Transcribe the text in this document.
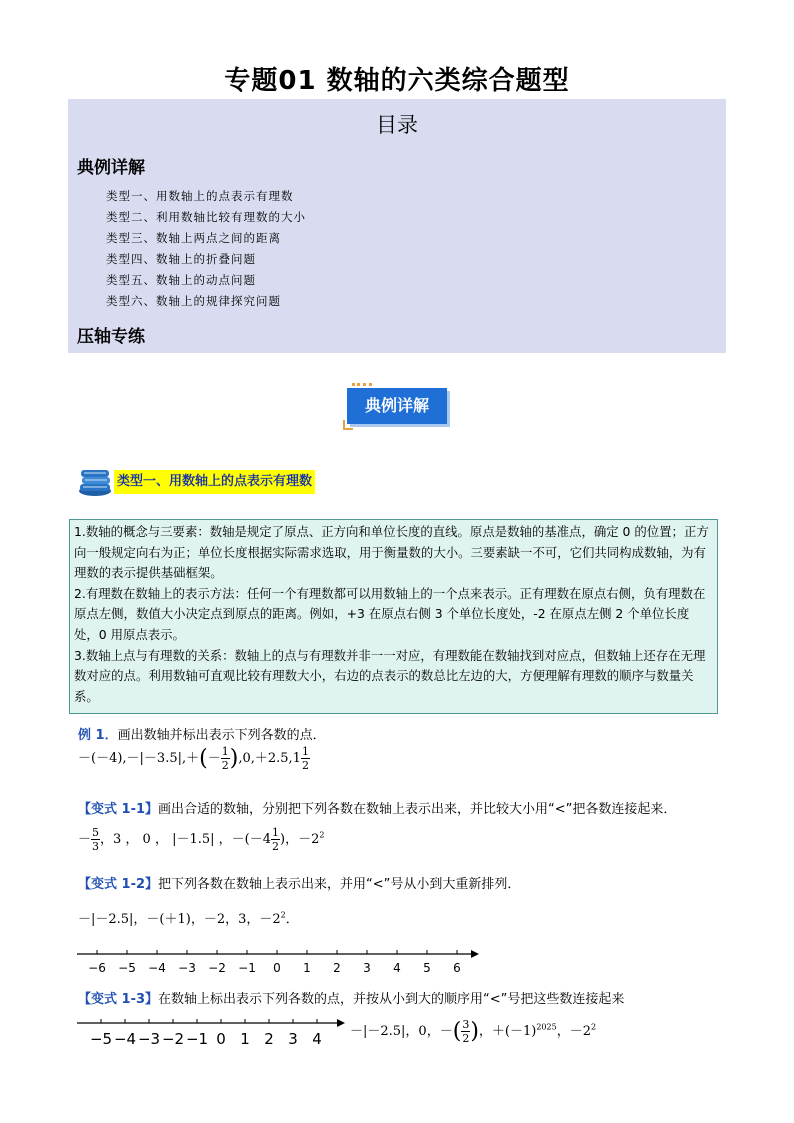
专题01 数轴的六类综合题型
目录
典例详解
类型一、用数轴上的点表示有理数
类型二、利用数轴比较有理数的大小
类型三、数轴上两点之间的距离
类型四、数轴上的折叠问题
类型五、数轴上的动点问题
类型六、数轴上的规律探究问题
压轴专练
典例详解
类型一、用数轴上的点表示有理数

1.数轴的概念与三要素：数轴是规定了原点、正方向和单位长度的直线。原点是数轴的基准点，确定 0 的位置；正方向一般规定向右为正；单位长度根据实际需求选取，用于衡量数的大小。三要素缺一不可，它们共同构成数轴，为有理数的表示提供基础框架。

2.有理数在数轴上的表示方法：任何一个有理数都可以用数轴上的一个点来表示。正有理数在原点右侧，负有理数在原点左侧，数值大小决定点到原点的距离。例如，+3 在原点右侧 3 个单位长度处，-2 在原点左侧 2 个单位长度处，0 用原点表示。

3.数轴上点与有理数的关系：数轴上的点与有理数并非一一对应，有理数能在数轴找到对应点，但数轴上还存在无理数对应的点。利用数轴可直观比较有理数大小，右边的点表示的数总比左边的大，方便理解有理数的顺序与数量关系。

例 1．画出数轴并标出表示下列各数的点．
$-(-4),-|-3.5|,+(- \frac{1}{2} ),0,+2.5,1 \frac{1}{2}$
【变式 1-1】画出合适的数轴，分别把下列各数在数轴上表示出来，并比较大小用“<”把各数连接起来．
－ $\frac{5}{3}$ ，3 ， 0 ， |－1.5| ，$-(-4 \frac{1}{2}$ )，$-2^2$
【变式 1-2】把下列各数在数轴上表示出来，并用“<”号从小到大重新排列．
－|－2.5|，－(＋1)，－2，3，$-2^2$．
−6 −5 −4 −3 −2 −1 0 1 2 3 4 5 6
【变式 1-3】在数轴上标出表示下列各数的点，并按从小到大的顺序用“<”号把这些数连接起来
−5 −4 −3 −2 −1 0 1 2 3 4 －|－2.5|，0，－( $\frac{3}{2}$ )，$+(-1)^{2025}$，$-2^2$
